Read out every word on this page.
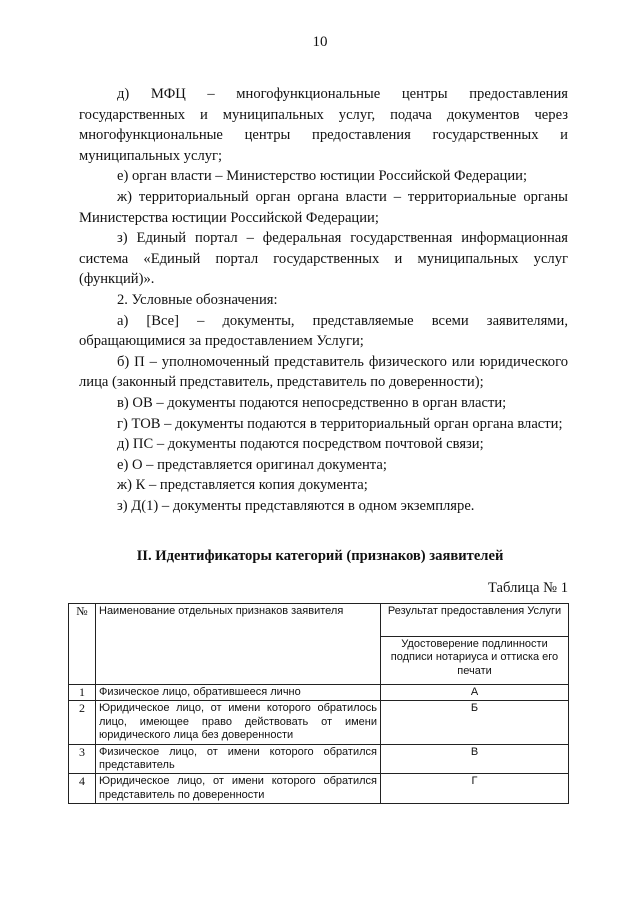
10

д) МФЦ – многофункциональные центры предоставления государственных и муниципальных услуг, подача документов через многофункциональные центры предоставления государственных и муниципальных услуг;

е) орган власти – Министерство юстиции Российской Федерации;

ж) территориальный орган органа власти – территориальные органы Министерства юстиции Российской Федерации;

з) Единый портал – федеральная государственная информационная система «Единый портал государственных и муниципальных услуг (функций)».

2. Условные обозначения:

а) [Все] – документы, представляемые всеми заявителями, обращающимися за предоставлением Услуги;

б) П – уполномоченный представитель физического или юридического лица (законный представитель, представитель по доверенности);

в) ОВ – документы подаются непосредственно в орган власти;

г) ТОВ – документы подаются в территориальный орган органа власти;

д) ПС – документы подаются посредством почтовой связи;

е) О – представляется оригинал документа;

ж) К – представляется копия документа;

з) Д(1) – документы представляются в одном экземпляре.

II. Идентификаторы категорий (признаков) заявителей
Таблица № 1
№	Наименование отдельных признаков заявителя	Результат предоставления Услуги
		Удостоверение подлинности подписи нотариуса и оттиска его печати
1	Физическое лицо, обратившееся лично	А
2	Юридическое лицо, от имени которого обратилось лицо, имеющее право действовать от имени юридического лица без доверенности	Б
3	Физическое лицо, от имени которого обратился представитель	В
4	Юридическое лицо, от имени которого обратился представитель по доверенности	Г
